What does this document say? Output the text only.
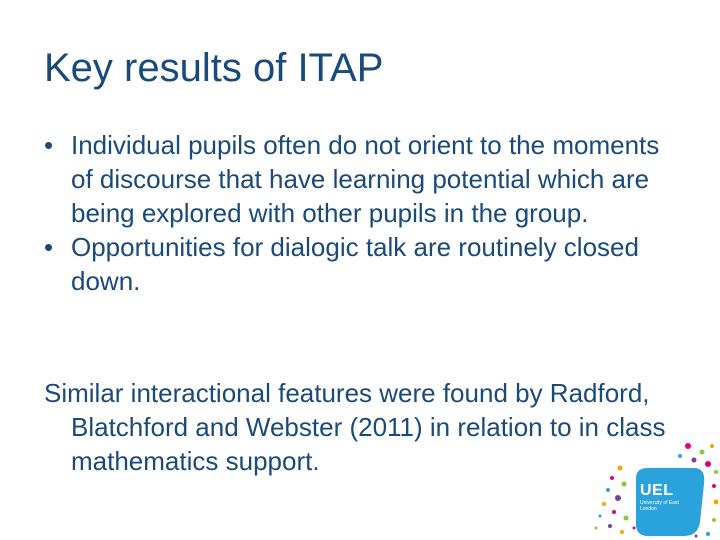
Key results of ITAP
• Individual pupils often do not orient to the moments of discourse that have learning potential which are being explored with other pupils in the group.
• Opportunities for dialogic talk are routinely closed down.

Similar interactional features were found by Radford, Blatchford and Webster (2011) in relation to in class mathematics support.

UEL
University of East London
